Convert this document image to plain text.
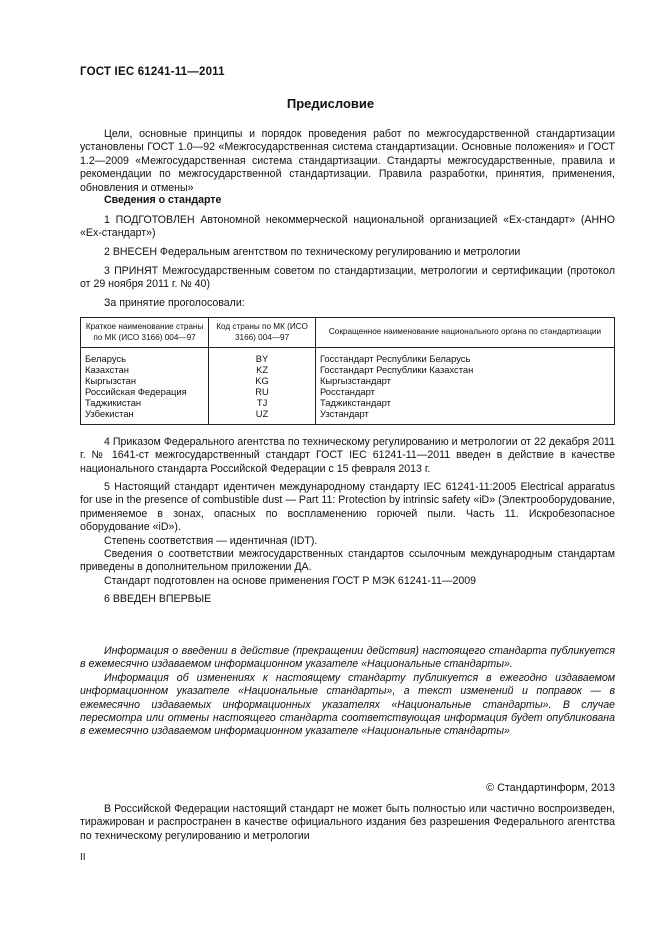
ГОСТ IEC 61241-11—2011
Предисловие

Цели, основные принципы и порядок проведения работ по межгосударственной стандартизации установлены ГОСТ 1.0—92 «Межгосударственная система стандартизации. Основные положения» и ГОСТ 1.2—2009 «Межгосударственная система стандартизации. Стандарты межгосударственные, правила и рекомендации по межгосударственной стандартизации. Правила разработки, принятия, применения, обновления и отмены»

Сведения о стандарте

1 ПОДГОТОВЛЕН Автономной некоммерческой национальной организацией «Ех-стандарт» (АННО «Ех-стандарт»)

2 ВНЕСЕН Федеральным агентством по техническому регулированию и метрологии

3 ПРИНЯТ Межгосударственным советом по стандартизации, метрологии и сертификации (протокол от 29 ноября 2011 г. № 40)

За принятие проголосовали:

Краткое наименование страны по МК (ИСО 3166) 004—97	Код страны по МК (ИСО 3166) 004—97	Сокращенное наименование национального органа по стандартизации
Беларусь	BY	Госстандарт Республики Беларусь
Казахстан	KZ	Госстандарт Республики Казахстан
Кыргызстан	KG	Кыргызстандарт
Российская Федерация	RU	Росстандарт
Таджикистан	TJ	Таджикстандарт
Узбекистан	UZ	Узстандарт

4 Приказом Федерального агентства по техническому регулированию и метрологии от 22 декабря 2011 г. № 1641-ст межгосударственный стандарт ГОСТ IEC 61241-11—2011 введен в действие в качестве национального стандарта Российской Федерации с 15 февраля 2013 г.

5 Настоящий стандарт идентичен международному стандарту IEC 61241-11:2005 Electrical apparatus for use in the presence of combustible dust — Part 11: Protection by intrinsic safety «iD» (Электрооборудование, применяемое в зонах, опасных по воспламенению горючей пыли. Часть 11. Искробезопасное оборудование «iD»).

Степень соответствия — идентичная (IDT).

Сведения о соответствии межгосударственных стандартов ссылочным международным стандартам приведены в дополнительном приложении ДА.

Стандарт подготовлен на основе применения ГОСТ Р МЭК 61241-11—2009

6 ВВЕДЕН ВПЕРВЫЕ

Информация о введении в действие (прекращении действия) настоящего стандарта публикуется в ежемесячно издаваемом информационном указателе «Национальные стандарты».

Информация об изменениях к настоящему стандарту публикуется в ежегодно издаваемом информационном указателе «Национальные стандарты», а текст изменений и поправок — в ежемесячно издаваемых информационных указателях «Национальные стандарты». В случае пересмотра или отмены настоящего стандарта соответствующая информация будет опубликована в ежемесячно издаваемом информационном указателе «Национальные стандарты»

© Стандартинформ, 2013

В Российской Федерации настоящий стандарт не может быть полностью или частично воспроизведен, тиражирован и распространен в качестве официального издания без разрешения Федерального агентства по техническому регулированию и метрологии

II
